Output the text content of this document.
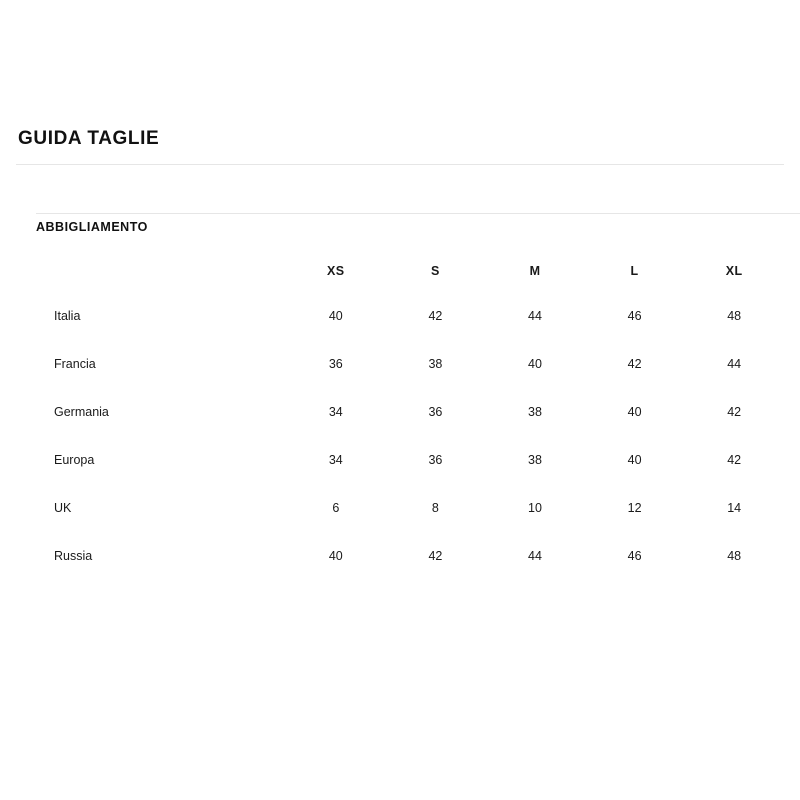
GUIDA TAGLIE
ABBIGLIAMENTO
	XS	S	M	L	XL
Italia	40	42	44	46	48
Francia	36	38	40	42	44
Germania	34	36	38	40	42
Europa	34	36	38	40	42
UK	6	8	10	12	14
Russia	40	42	44	46	48
